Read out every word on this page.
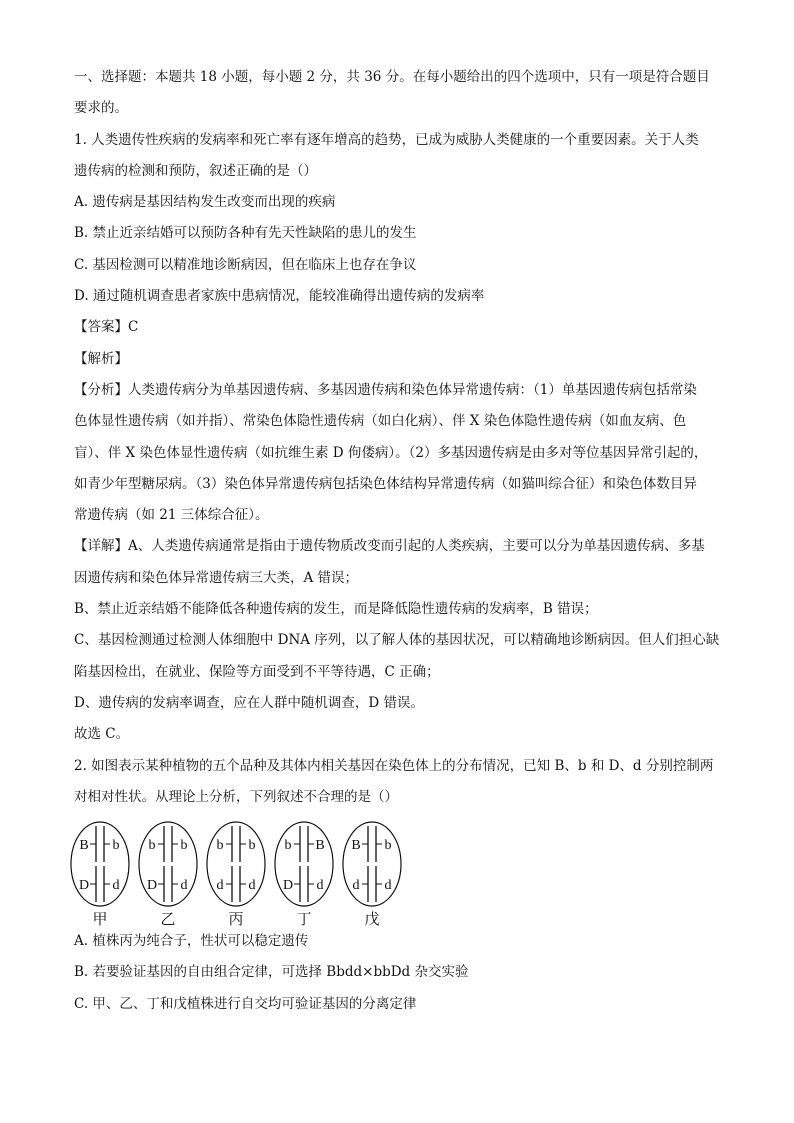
一、选择题：本题共 18 小题，每小题 2 分，共 36 分。在每小题给出的四个选项中，只有一项是符合题目
要求的。
1. 人类遗传性疾病的发病率和死亡率有逐年增高的趋势，已成为威胁人类健康的一个重要因素。关于人类
遗传病的检测和预防，叙述正确的是（）
A. 遗传病是基因结构发生改变而出现的疾病
B. 禁止近亲结婚可以预防各种有先天性缺陷的患儿的发生
C. 基因检测可以精准地诊断病因，但在临床上也存在争议
D. 通过随机调查患者家族中患病情况，能较准确得出遗传病的发病率
【答案】C
【解析】
【分析】人类遗传病分为单基因遗传病、多基因遗传病和染色体异常遗传病：（1）单基因遗传病包括常染
色体显性遗传病（如并指）、常染色体隐性遗传病（如白化病）、伴 X 染色体隐性遗传病（如血友病、色
盲）、伴 X 染色体显性遗传病（如抗维生素 D 佝偻病）。（2）多基因遗传病是由多对等位基因异常引起的，
如青少年型糖尿病。（3）染色体异常遗传病包括染色体结构异常遗传病（如猫叫综合征）和染色体数目异
常遗传病（如 21 三体综合征）。
【详解】A、人类遗传病通常是指由于遗传物质改变而引起的人类疾病，主要可以分为单基因遗传病、多基
因遗传病和染色体异常遗传病三大类，A 错误；
B、禁止近亲结婚不能降低各种遗传病的发生，而是降低隐性遗传病的发病率，B 错误；
C、基因检测通过检测人体细胞中 DNA 序列，以了解人体的基因状况，可以精确地诊断病因。但人们担心缺
陷基因检出，在就业、保险等方面受到不平等待遇，C 正确；
D、遗传病的发病率调查，应在人群中随机调查，D 错误。
故选 C。
2. 如图表示某种植物的五个品种及其体内相关基因在染色体上的分布情况，已知 B、b 和 D、d 分别控制两
对相对性状。从理论上分析，下列叙述不合理的是（）
B b
D d
甲
b b
D d
乙
b b
d d
丙
b B
D d
丁
B b
d d
戊
A. 植株丙为纯合子，性状可以稳定遗传
B. 若要验证基因的自由组合定律，可选择 Bbdd×bbDd 杂交实验
C. 甲、乙、丁和戊植株进行自交均可验证基因的分离定律
